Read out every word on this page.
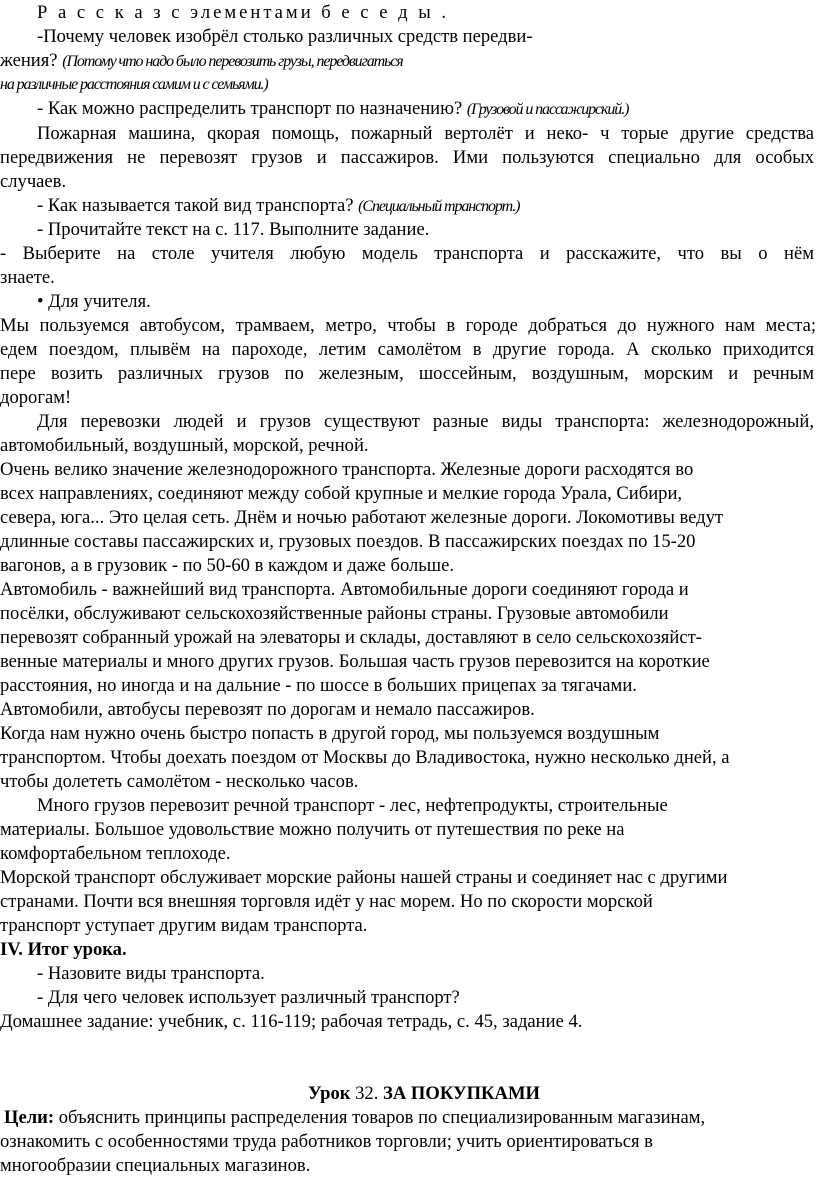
Р а с с к а з с элементами б е с е д ы .

-Почему человек изобрёл столько различных средств передви-

жения? (Потому что надо было перевозить грузы, передвигаться

на различные расстояния самим и с семьями.)

- Как можно распределить транспорт по назначению? (Грузовой и пассажирский.)

Пожарная машина, qкорая помощь, пожарный вертолёт и неко- ч торые другие средства

передвижения не перевозят грузов и пассажиров. Ими пользуются специально для особых

случаев.

- Как называется такой вид транспорта? (Специальный транспорт.)

- Прочитайте текст на с. 117. Выполните задание.

- Выберите на столе учителя любую модель транспорта и расскажите, что вы о нём

знаете.

• Для учителя.

Мы пользуемся автобусом, трамваем, метро, чтобы в городе добраться до нужного нам места;

едем поездом, плывём на пароходе, летим самолётом в другие города. А сколько приходится

пере возить различных грузов по железным, шоссейным, воздушным, морским и речным

дорогам!

Для перевозки людей и грузов существуют разные виды транспорта: железнодорожный,

автомобильный, воздушный, морской, речной.

Очень велико значение железнодорожного транспорта. Железные дороги расходятся во

всех направлениях, соединяют между собой крупные и мелкие города Урала, Сибири,

севера, юга... Это целая сеть. Днём и ночью работают железные дороги. Локомотивы ведут

длинные составы пассажирских и, грузовых поездов. В пассажирских поездах по 15-20

вагонов, а в грузовик - по 50-60 в каждом и даже больше.

Автомобиль - важнейший вид транспорта. Автомобильные дороги соединяют города и

посёлки, обслуживают сельскохозяйственные районы страны. Грузовые автомобили

перевозят собранный урожай на элеваторы и склады, доставляют в село сельскохозяйст-

венные материалы и много других грузов. Большая часть грузов перевозится на короткие

расстояния, но иногда и на дальние - по шоссе в больших прицепах за тягачами.

Автомобили, автобусы перевозят по дорогам и немало пассажиров.

Когда нам нужно очень быстро попасть в другой город, мы пользуемся воздушным

транспортом. Чтобы доехать поездом от Москвы до Владивостока, нужно несколько дней, а

чтобы долететь самолётом - несколько часов.

Много грузов перевозит речной транспорт - лес, нефтепродукты, строительные

материалы. Большое удовольствие можно получить от путешествия по реке на

комфортабельном теплоходе.

Морской транспорт обслуживает морские районы нашей страны и соединяет нас с другими

странами. Почти вся внешняя торговля идёт у нас морем. Но по скорости морской

транспорт уступает другим видам транспорта.

IV. Итог урока.

- Назовите виды транспорта.

- Для чего человек использует различный транспорт?

Домашнее задание: учебник, с. 116-119; рабочая тетрадь, с. 45, задание 4.

Урок 32. ЗА ПОКУПКАМИ

Цели: объяснить принципы распределения товаров по специализированным магазинам,

ознакомить с особенностями труда работников торговли; учить ориентироваться в

многообразии специальных магазинов.
